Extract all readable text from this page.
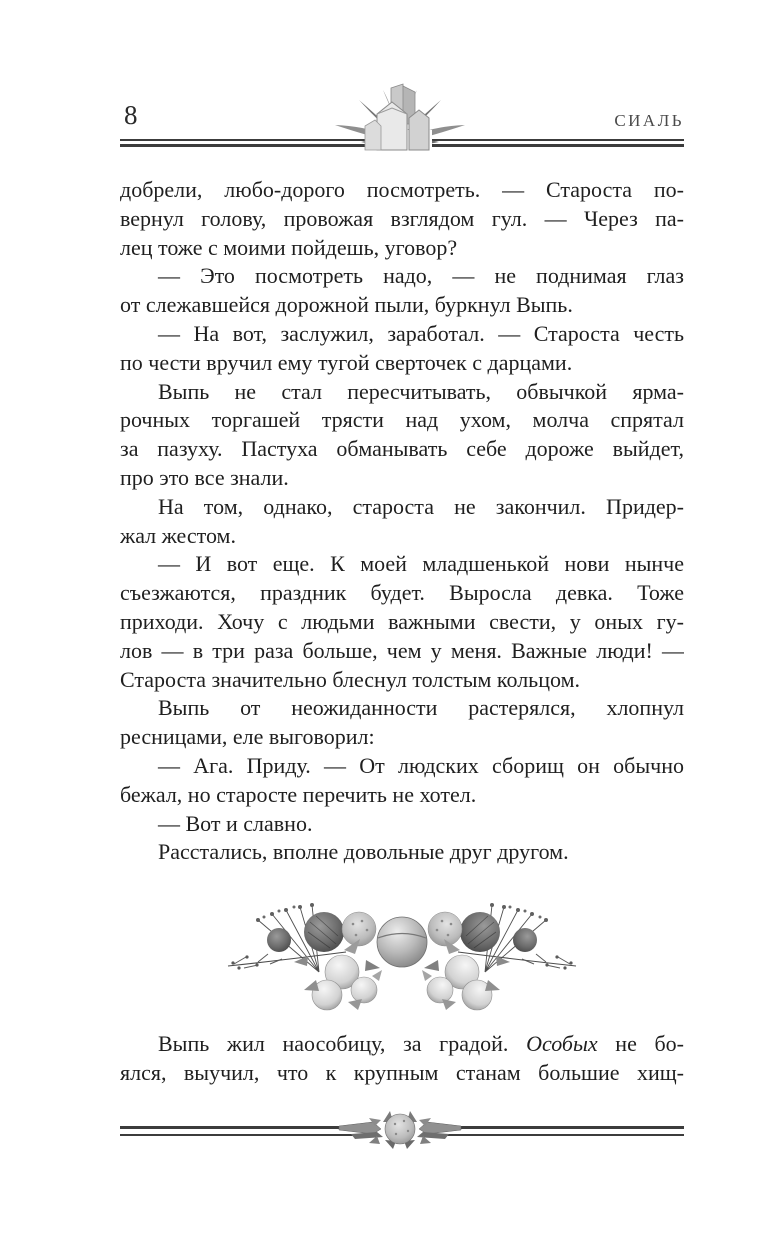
8	СИАЛЬ
добрели, любо-дорого посмотреть. — Староста по-
вернул голову, провожая взглядом гул. — Через па-
лец тоже с моими пойдешь, уговор?
— Это посмотреть надо, — не поднимая глаз
от слежавшейся дорожной пыли, буркнул Выпь.
— На вот, заслужил, заработал. — Староста честь
по чести вручил ему тугой сверточек с дарцами.
Выпь не стал пересчитывать, обвычкой ярма-
рочных торгашей трясти над ухом, молча спрятал
за пазуху. Пастуха обманывать себе дороже выйдет,
про это все знали.
На том, однако, староста не закончил. Придер-
жал жестом.
— И вот еще. К моей младшенькой нови нынче
съезжаются, праздник будет. Выросла девка. Тоже
приходи. Хочу с людьми важными свести, у оных гу-
лов — в три раза больше, чем у меня. Важные люди! —
Староста значительно блеснул толстым кольцом.
Выпь от неожиданности растерялся, хлопнул
ресницами, еле выговорил:
— Ага. Приду. — От людских сборищ он обычно
бежал, но старосте перечить не хотел.
— Вот и славно.
Расстались, вполне довольные друг другом.
Выпь жил наособицу, за градой. Особых не бо-
ялся, выучил, что к крупным станам большие хищ-
